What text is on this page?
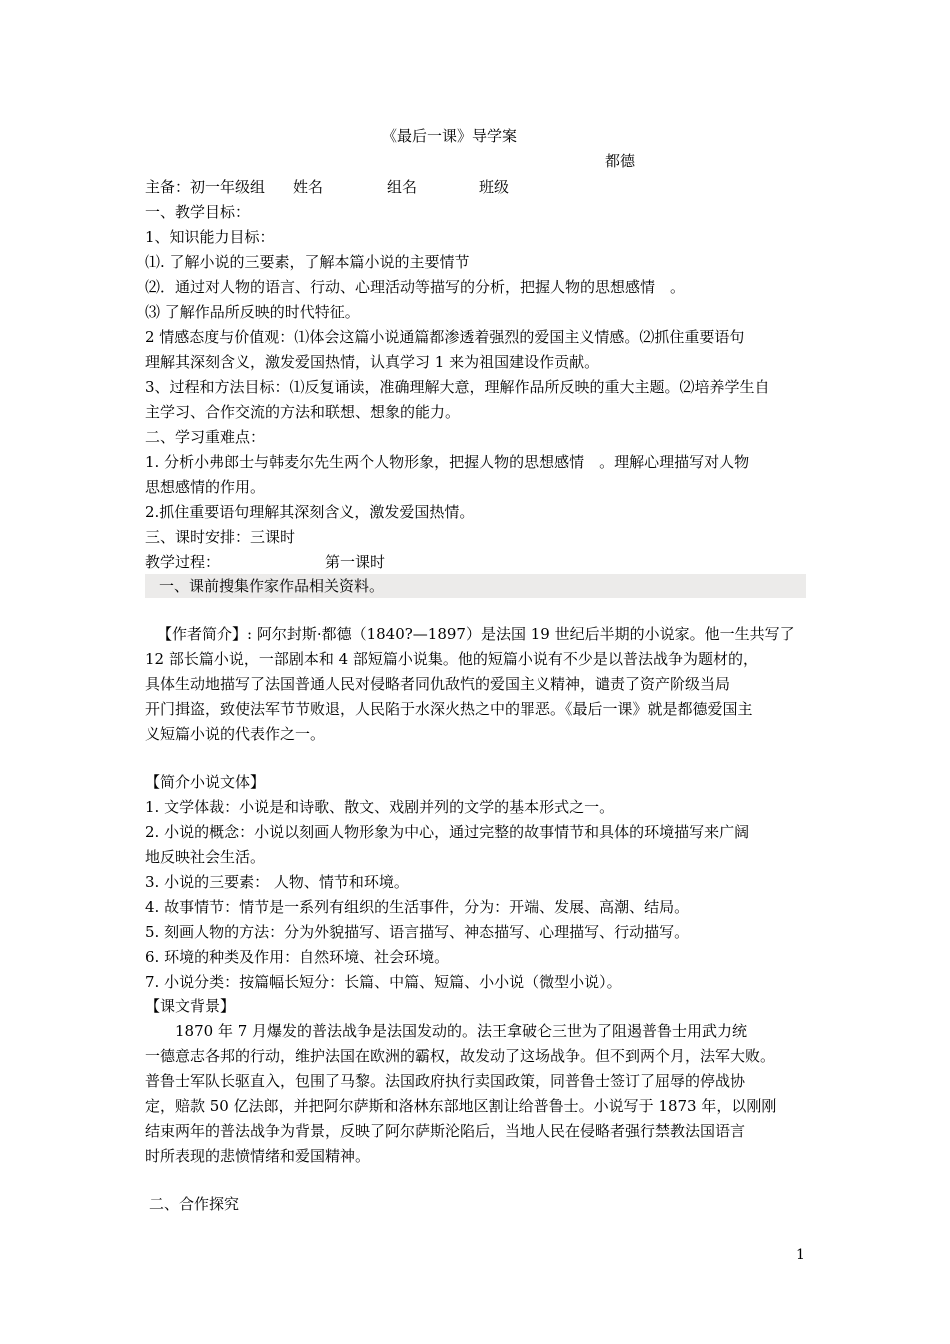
《最后一课》导学案
都德
主备：初一年级组 姓名	组名	班级
一、教学目标：
1、知识能力目标：
⑴. 了解小说的三要素，了解本篇小说的主要情节
⑵．通过对人物的语言、行动、心理活动等描写的分析，把握人物的思想感情　。
⑶ 了解作品所反映的时代特征。
2 情感态度与价值观：⑴体会这篇小说通篇都渗透着强烈的爱国主义情感。⑵抓住重要语句
理解其深刻含义，激发爱国热情，认真学习 1 来为祖国建设作贡献。
3、过程和方法目标：⑴反复诵读，准确理解大意，理解作品所反映的重大主题。⑵培养学生自
主学习、合作交流的方法和联想、想象的能力。
二、学习重难点：
1. 分析小弗郎士与韩麦尔先生两个人物形象，把握人物的思想感情　。理解心理描写对人物
思想感情的作用。
2.抓住重要语句理解其深刻含义，激发爱国热情。
三、课时安排：三课时
教学过程：	第一课时
一、课前搜集作家作品相关资料。
【作者简介】: 阿尔封斯·都德（1840?—1897）是法国 19 世纪后半期的小说家。他一生共写了
12 部长篇小说，一部剧本和 4 部短篇小说集。他的短篇小说有不少是以普法战争为题材的，
具体生动地描写了法国普通人民对侵略者同仇敌忾的爱国主义精神，谴责了资产阶级当局
开门揖盗，致使法军节节败退，人民陷于水深火热之中的罪恶。《最后一课》就是都德爱国主
义短篇小说的代表作之一。
【简介小说文体】
1. 文学体裁：小说是和诗歌、散文、戏剧并列的文学的基本形式之一。
2. 小说的概念：小说以刻画人物形象为中心，通过完整的故事情节和具体的环境描写来广阔
地反映社会生活。
3. 小说的三要素： 人物、情节和环境。
4. 故事情节：情节是一系列有组织的生活事件，分为：开端、发展、高潮、结局。
5. 刻画人物的方法：分为外貌描写、语言描写、神态描写、心理描写、行动描写。
6. 环境的种类及作用：自然环境、社会环境。
7. 小说分类：按篇幅长短分：长篇、中篇、短篇、小小说（微型小说）。
【课文背景】
1870 年 7 月爆发的普法战争是法国发动的。法王拿破仑三世为了阻遏普鲁士用武力统
一德意志各邦的行动，维护法国在欧洲的霸权，故发动了这场战争。但不到两个月，法军大败。
普鲁士军队长驱直入，包围了马黎。法国政府执行卖国政策，同普鲁士签订了屈辱的停战协
定，赔款 50 亿法郎，并把阿尔萨斯和洛林东部地区割让给普鲁士。小说写于 1873 年，以刚刚
结束两年的普法战争为背景，反映了阿尔萨斯沦陷后，当地人民在侵略者强行禁教法国语言
时所表现的悲愤情绪和爱国精神。
二、合作探究
1
